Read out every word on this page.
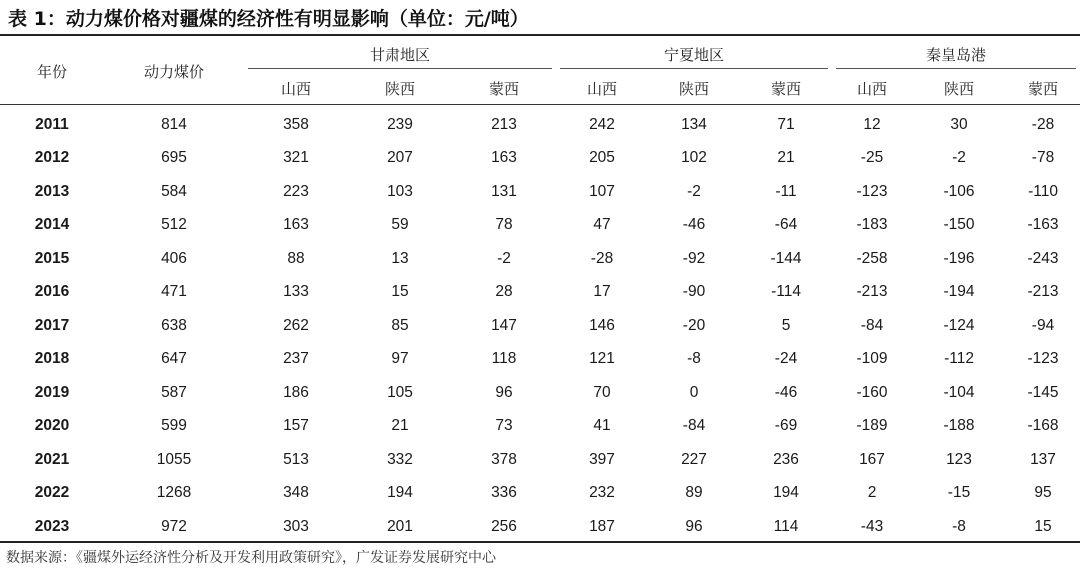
表 1：动力煤价格对疆煤的经济性有明显影响（单位：元/吨）
年份	动力煤价
甘肃地区	宁夏地区	秦皇岛港
山西	陕西	蒙西	山西	陕西	蒙西	山西	陕西	蒙西
2011	814	358	239	213	242	134	71	12	30	-28
2012	695	321	207	163	205	102	21	-25	-2	-78
2013	584	223	103	131	107	-2	-11	-123	-106	-110
2014	512	163	59	78	47	-46	-64	-183	-150	-163
2015	406	88	13	-2	-28	-92	-144	-258	-196	-243
2016	471	133	15	28	17	-90	-114	-213	-194	-213
2017	638	262	85	147	146	-20	5	-84	-124	-94
2018	647	237	97	118	121	-8	-24	-109	-112	-123
2019	587	186	105	96	70	0	-46	-160	-104	-145
2020	599	157	21	73	41	-84	-69	-189	-188	-168
2021	1055	513	332	378	397	227	236	167	123	137
2022	1268	348	194	336	232	89	194	2	-15	95
2023	972	303	201	256	187	96	114	-43	-8	15
数据来源：《疆煤外运经济性分析及开发利用政策研究》，广发证券发展研究中心
